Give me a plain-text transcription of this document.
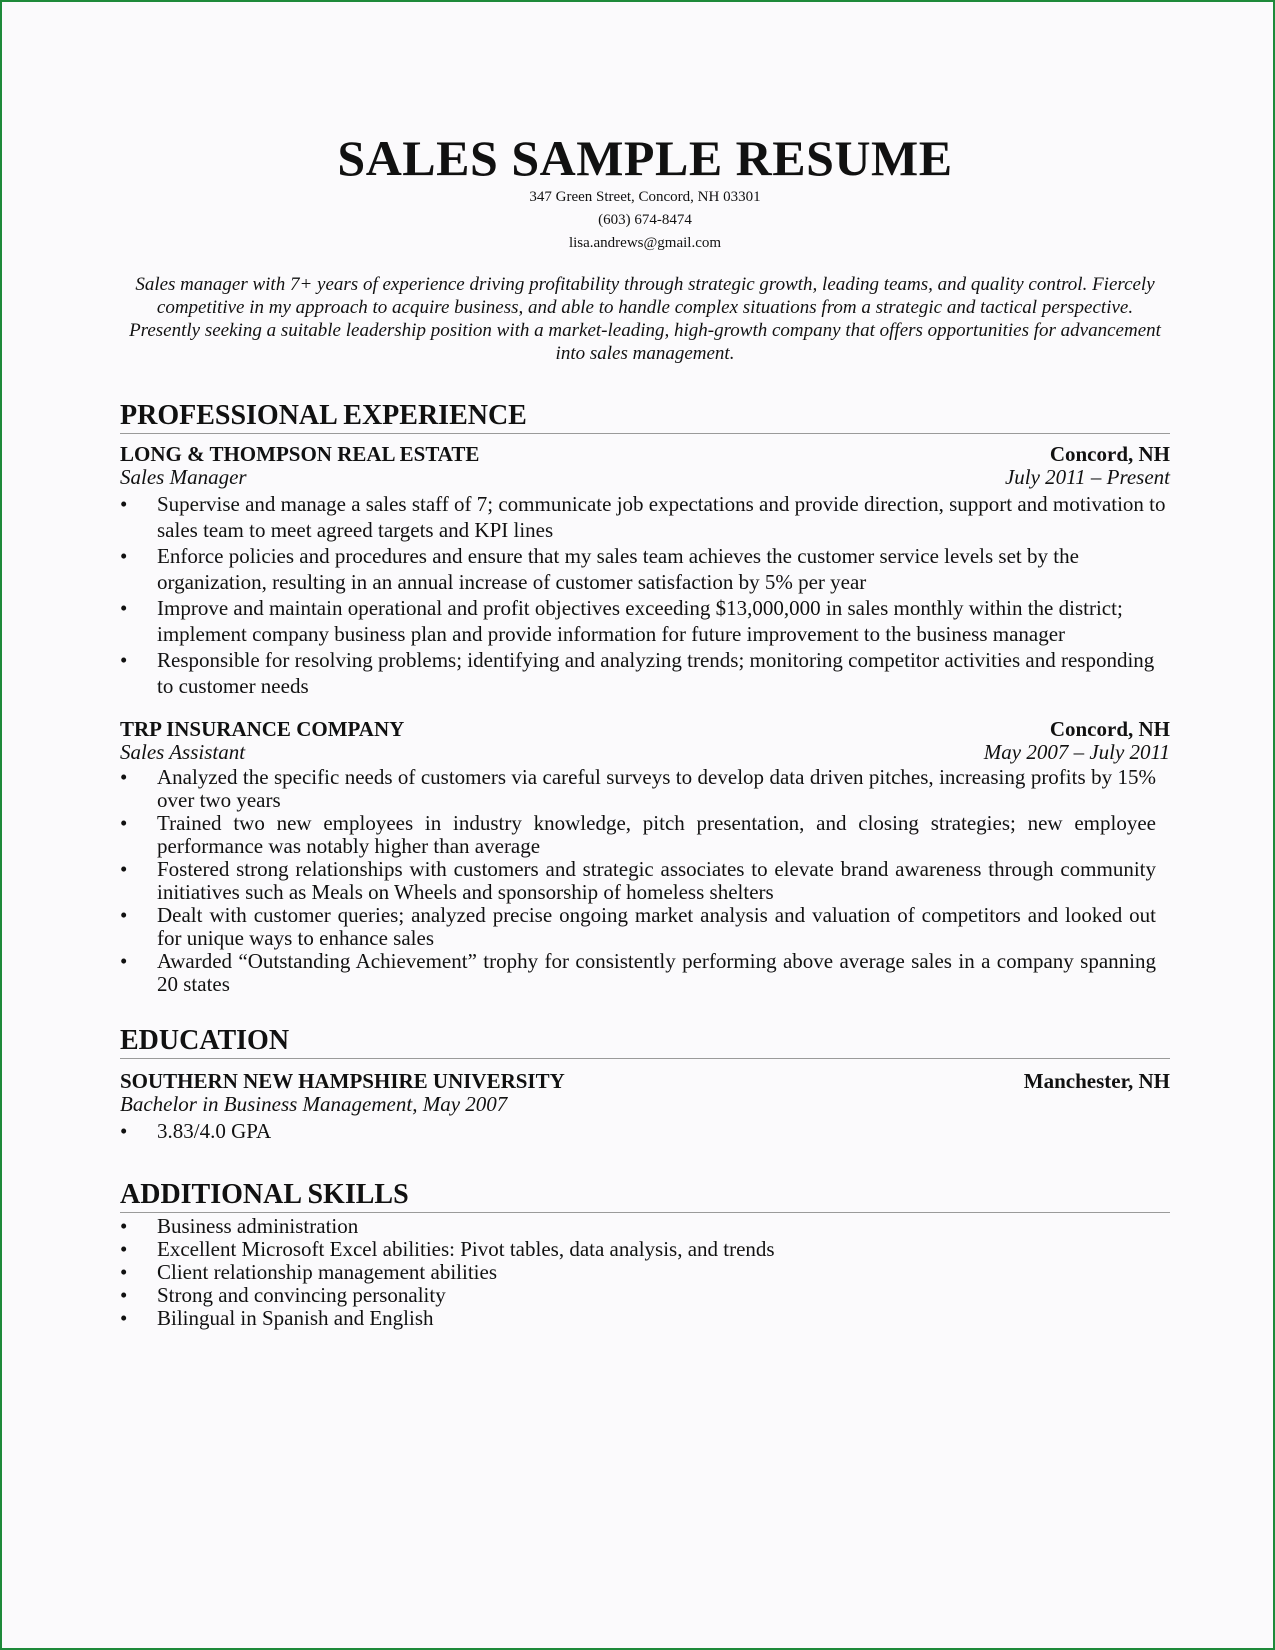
SALES SAMPLE RESUME
347 Green Street, Concord, NH 03301
(603) 674-8474
lisa.andrews@gmail.com

Sales manager with 7+ years of experience driving profitability through strategic growth, leading teams, and quality control. Fiercely competitive in my approach to acquire business, and able to handle complex situations from a strategic and tactical perspective. Presently seeking a suitable leadership position with a market-leading, high-growth company that offers opportunities for advancement into sales management.

PROFESSIONAL EXPERIENCE
LONG & THOMPSON REAL ESTATE	Concord, NH
Sales Manager	July 2011 – Present
• Supervise and manage a sales staff of 7; communicate job expectations and provide direction, support and motivation to sales team to meet agreed targets and KPI lines
• Enforce policies and procedures and ensure that my sales team achieves the customer service levels set by the organization, resulting in an annual increase of customer satisfaction by 5% per year
• Improve and maintain operational and profit objectives exceeding $13,000,000 in sales monthly within the district; implement company business plan and provide information for future improvement to the business manager
• Responsible for resolving problems; identifying and analyzing trends; monitoring competitor activities and responding to customer needs
TRP INSURANCE COMPANY	Concord, NH
Sales Assistant	May 2007 – July 2011
• Analyzed the specific needs of customers via careful surveys to develop data driven pitches, increasing profits by 15% over two years
• Trained two new employees in industry knowledge, pitch presentation, and closing strategies; new employee performance was notably higher than average
• Fostered strong relationships with customers and strategic associates to elevate brand awareness through community initiatives such as Meals on Wheels and sponsorship of homeless shelters
• Dealt with customer queries; analyzed precise ongoing market analysis and valuation of competitors and looked out for unique ways to enhance sales
• Awarded “Outstanding Achievement” trophy for consistently performing above average sales in a company spanning 20 states
EDUCATION
SOUTHERN NEW HAMPSHIRE UNIVERSITY	Manchester, NH
Bachelor in Business Management, May 2007
• 3.83/4.0 GPA
ADDITIONAL SKILLS
• Business administration
• Excellent Microsoft Excel abilities: Pivot tables, data analysis, and trends
• Client relationship management abilities
• Strong and convincing personality
• Bilingual in Spanish and English
